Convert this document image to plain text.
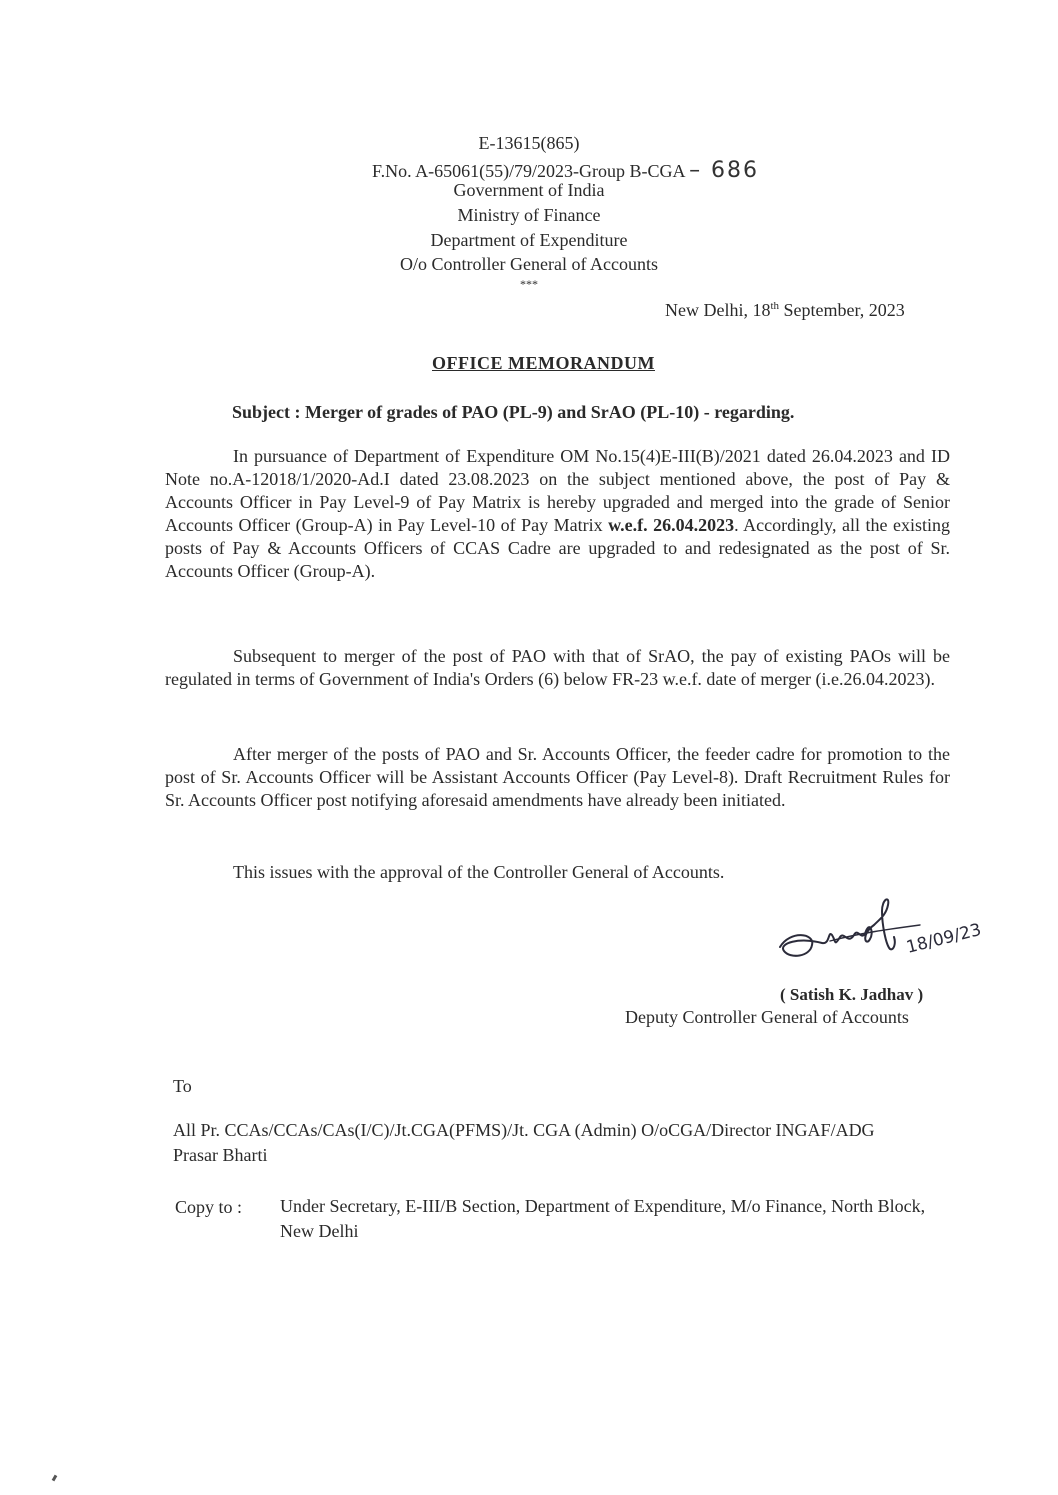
E-13615(865)
F.No. A-65061(55)/79/2023-Group B-CGA – 686
Government of India
Ministry of Finance
Department of Expenditure
O/o Controller General of Accounts
***
New Delhi, 18th September, 2023
OFFICE MEMORANDUM
Subject : Merger of grades of PAO (PL-9) and SrAO (PL-10) - regarding.
In pursuance of Department of Expenditure OM No.15(4)E-III(B)/2021 dated 26.04.2023 and ID Note no.A-12018/1/2020-Ad.I dated 23.08.2023 on the subject mentioned above, the post of Pay & Accounts Officer in Pay Level-9 of Pay Matrix is hereby upgraded and merged into the grade of Senior Accounts Officer (Group-A) in Pay Level-10 of Pay Matrix w.e.f. 26.04.2023. Accordingly, all the existing posts of Pay & Accounts Officers of CCAS Cadre are upgraded to and redesignated as the post of Sr. Accounts Officer (Group-A).
Subsequent to merger of the post of PAO with that of SrAO, the pay of existing PAOs will be regulated in terms of Government of India's Orders (6) below FR-23 w.e.f. date of merger (i.e.26.04.2023).
After merger of the posts of PAO and Sr. Accounts Officer, the feeder cadre for promotion to the post of Sr. Accounts Officer will be Assistant Accounts Officer (Pay Level-8). Draft Recruitment Rules for Sr. Accounts Officer post notifying aforesaid amendments have already been initiated.
This issues with the approval of the Controller General of Accounts.
18/09/23
( Satish K. Jadhav )
Deputy Controller General of Accounts
To
All Pr. CCAs/CCAs/CAs(I/C)/Jt.CGA(PFMS)/Jt. CGA (Admin) O/oCGA/Director INGAF/ADG Prasar Bharti
Copy to : Under Secretary, E-III/B Section, Department of Expenditure, M/o Finance, North Block, New Delhi
